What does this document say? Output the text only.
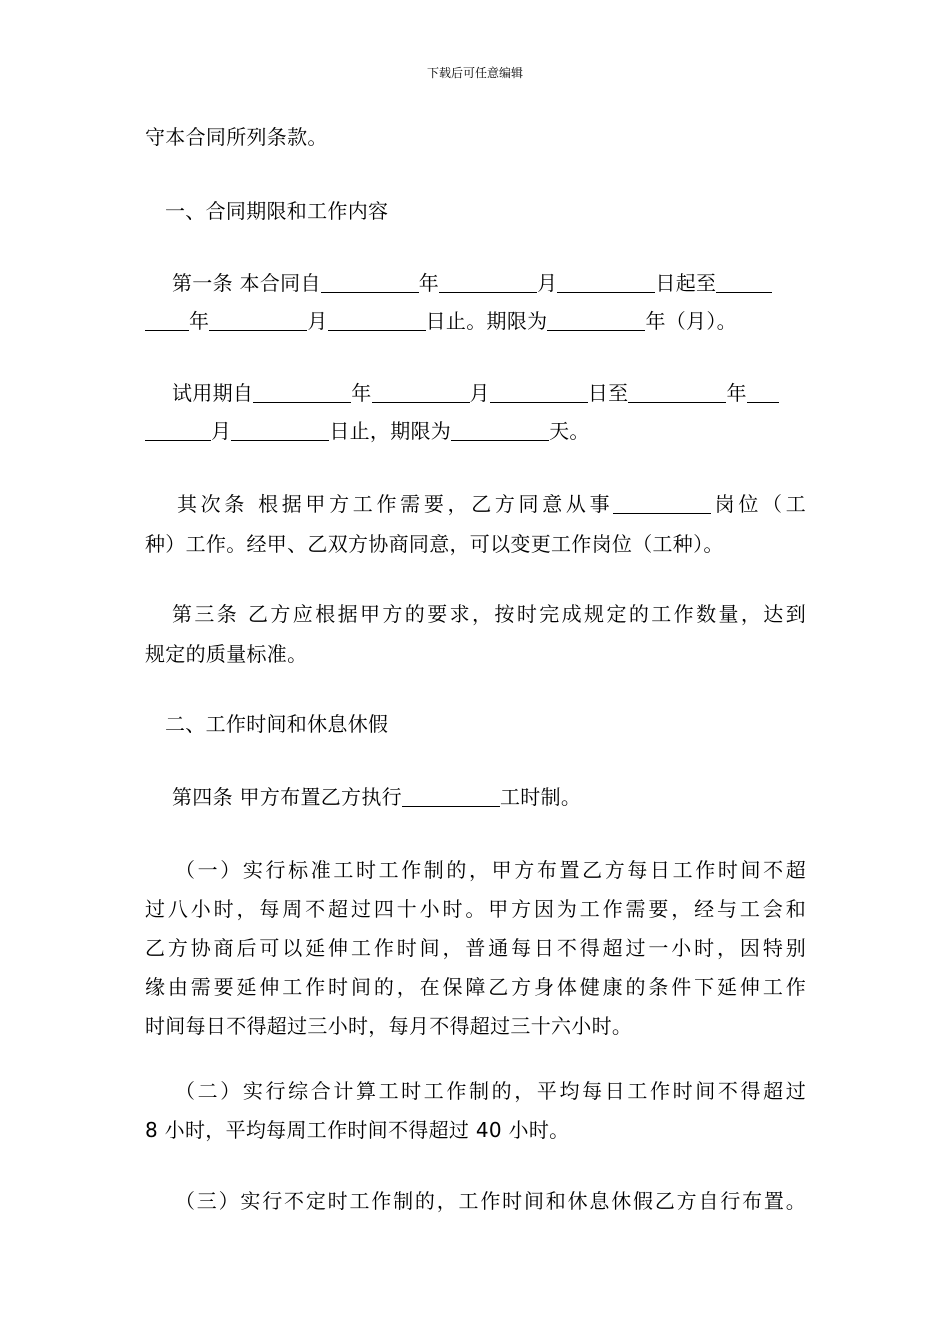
下载后可任意编辑
守本合同所列条款。
一、合同期限和工作内容
第一条 本合同自	年	月	日起至
年	月	日止。期限为	年（月）。
试用期自	年	月	日至	年
月	日止，期限为	天。
其次条 根据甲方工作需要，乙方同意从事	岗位（工
种）工作。经甲、乙双方协商同意，可以变更工作岗位（工种）。
第三条 乙方应根据甲方的要求，按时完成规定的工作数量，达到
规定的质量标准。
二、工作时间和休息休假
第四条 甲方布置乙方执行	工时制。
（一）实行标准工时工作制的，甲方布置乙方每日工作时间不超
过八小时，每周不超过四十小时。甲方因为工作需要，经与工会和
乙方协商后可以延伸工作时间，普通每日不得超过一小时，因特别
缘由需要延伸工作时间的，在保障乙方身体健康的条件下延伸工作
时间每日不得超过三小时，每月不得超过三十六小时。
（二）实行综合计算工时工作制的，平均每日工作时间不得超过
8 小时，平均每周工作时间不得超过 40 小时。
（三）实行不定时工作制的，工作时间和休息休假乙方自行布置。
